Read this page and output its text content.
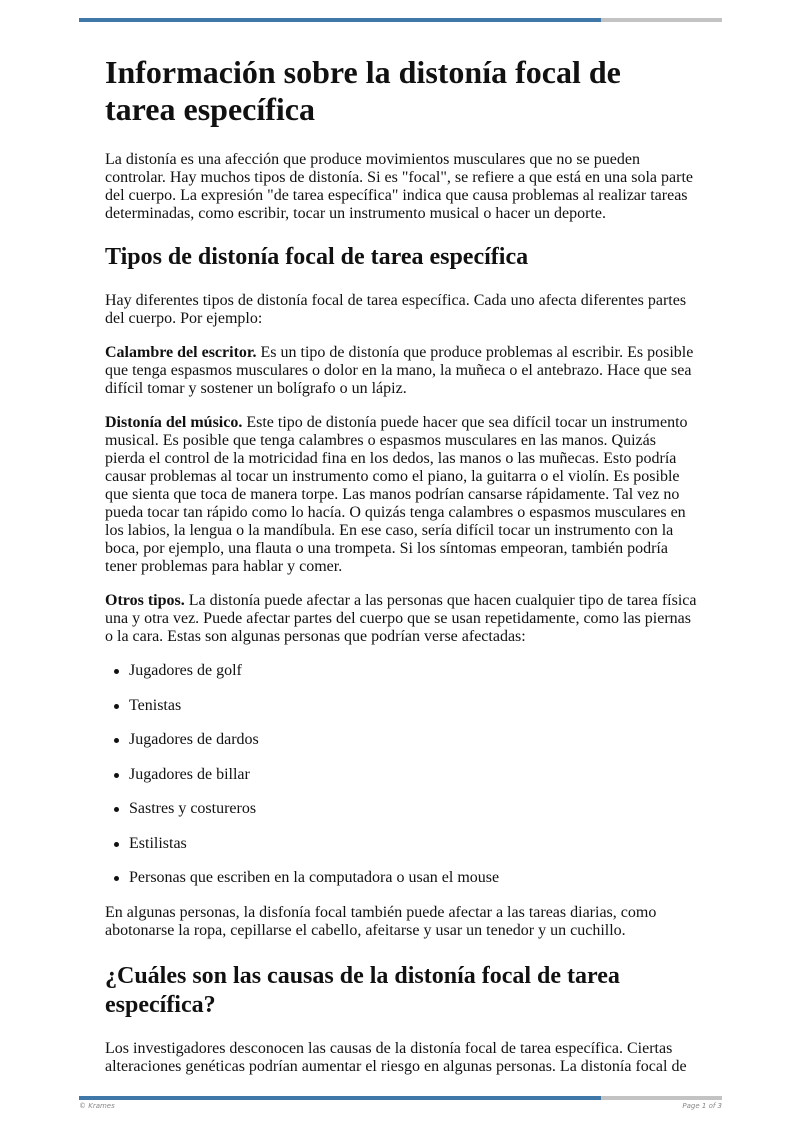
Información sobre la distonía focal de tarea específica

La distonía es una afección que produce movimientos musculares que no se pueden controlar. Hay muchos tipos de distonía. Si es "focal", se refiere a que está en una sola parte del cuerpo. La expresión "de tarea específica" indica que causa problemas al realizar tareas determinadas, como escribir, tocar un instrumento musical o hacer un deporte.

Tipos de distonía focal de tarea específica

Hay diferentes tipos de distonía focal de tarea específica. Cada uno afecta diferentes partes del cuerpo. Por ejemplo:

Calambre del escritor. Es un tipo de distonía que produce problemas al escribir. Es posible que tenga espasmos musculares o dolor en la mano, la muñeca o el antebrazo. Hace que sea difícil tomar y sostener un bolígrafo o un lápiz.

Distonía del músico. Este tipo de distonía puede hacer que sea difícil tocar un instrumento musical. Es posible que tenga calambres o espasmos musculares en las manos. Quizás pierda el control de la motricidad fina en los dedos, las manos o las muñecas. Esto podría causar problemas al tocar un instrumento como el piano, la guitarra o el violín. Es posible que sienta que toca de manera torpe. Las manos podrían cansarse rápidamente. Tal vez no pueda tocar tan rápido como lo hacía. O quizás tenga calambres o espasmos musculares en los labios, la lengua o la mandíbula. En ese caso, sería difícil tocar un instrumento con la boca, por ejemplo, una flauta o una trompeta. Si los síntomas empeoran, también podría tener problemas para hablar y comer.

Otros tipos. La distonía puede afectar a las personas que hacen cualquier tipo de tarea física una y otra vez. Puede afectar partes del cuerpo que se usan repetidamente, como las piernas o la cara. Estas son algunas personas que podrían verse afectadas:

Jugadores de golf
Tenistas
Jugadores de dardos
Jugadores de billar
Sastres y costureros
Estilistas
Personas que escriben en la computadora o usan el mouse

En algunas personas, la disfonía focal también puede afectar a las tareas diarias, como abotonarse la ropa, cepillarse el cabello, afeitarse y usar un tenedor y un cuchillo.

¿Cuáles son las causas de la distonía focal de tarea específica?

Los investigadores desconocen las causas de la distonía focal de tarea específica. Ciertas alteraciones genéticas podrían aumentar el riesgo en algunas personas. La distonía focal de

© Krames	Page 1 of 3
